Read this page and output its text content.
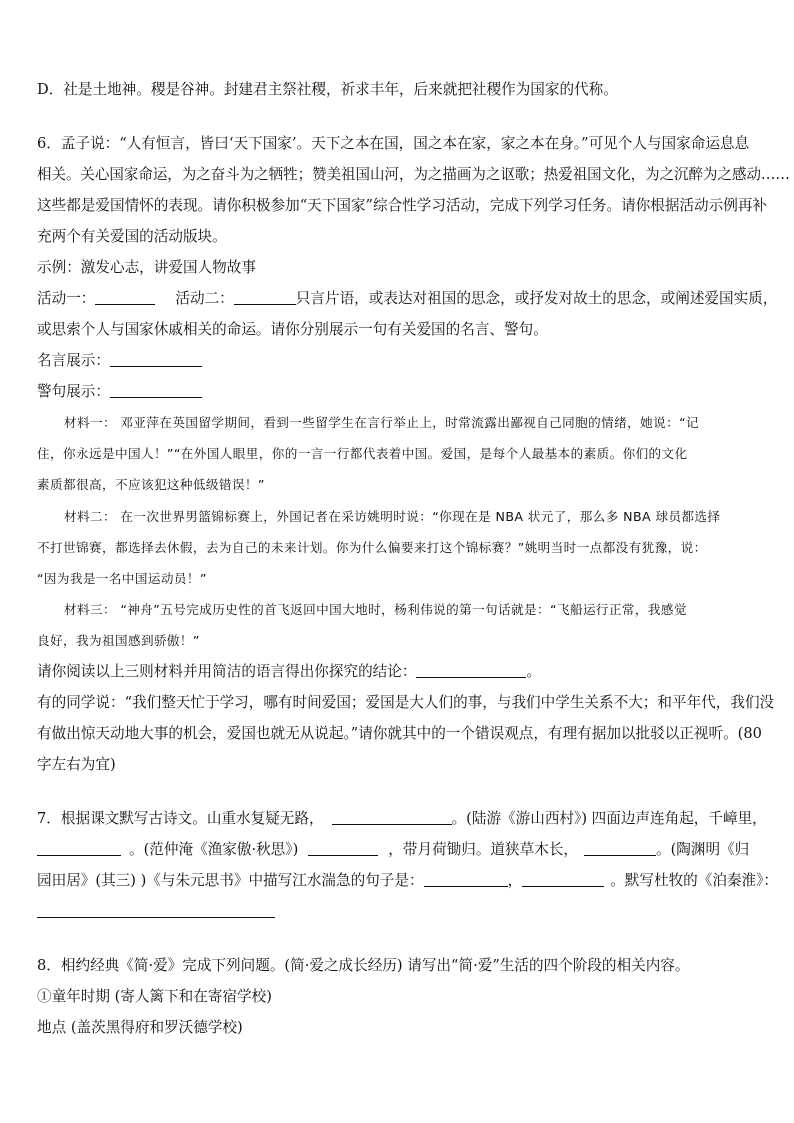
D．社是土地神。稷是谷神。封建君主祭社稷，祈求丰年，后来就把社稷作为国家的代称。
6．孟子说：“人有恒言，皆曰‘天下国家’。天下之本在国，国之本在家，家之本在身。”可见个人与国家命运息息
相关。关心国家命运，为之奋斗为之牺牲；赞美祖国山河，为之描画为之讴歌；热爱祖国文化，为之沉醉为之感动……
这些都是爱国情怀的表现。请你积极参加“天下国家”综合性学习活动，完成下列学习任务。请你根据活动示例再补
充两个有关爱国的活动版块。
示例：激发心志，讲爱国人物故事
活动一：	活动二：	只言片语，或表达对祖国的思念，或抒发对故土的思念，或阐述爱国实质，
或思索个人与国家休戚相关的命运。请你分别展示一句有关爱国的名言、警句。
名言展示：
警句展示：
材料一： 邓亚萍在英国留学期间，看到一些留学生在言行举止上，时常流露出鄙视自己同胞的情绪，她说：“记
住，你永远是中国人！”“在外国人眼里，你的一言一行都代表着中国。爱国，是每个人最基本的素质。你们的文化
素质都很高，不应该犯这种低级错误！”
材料二： 在一次世界男篮锦标赛上，外国记者在采访姚明时说：“你现在是 NBA 状元了，那么多 NBA 球员都选择
不打世锦赛，都选择去休假，去为自己的未来计划。你为什么偏要来打这个锦标赛？”姚明当时一点都没有犹豫，说：
“因为我是一名中国运动员！”
材料三： “神舟”五号完成历史性的首飞返回中国大地时，杨利伟说的第一句话就是：“飞船运行正常，我感觉
良好，我为祖国感到骄傲！”
请你阅读以上三则材料并用简洁的语言得出你探究的结论：	。
有的同学说：“我们整天忙于学习，哪有时间爱国；爱国是大人们的事，与我们中学生关系不大；和平年代，我们没
有做出惊天动地大事的机会，爱国也就无从说起。”请你就其中的一个错误观点，有理有据加以批驳以正视听。(80
字左右为宜)
7．根据课文默写古诗文。山重水复疑无路，	。(陆游《游山西村》) 四面边声连角起，千嶂里，
。(范仲淹《渔家傲·秋思》)	，带月荷锄归。道狭草木长，	。(陶渊明《归
园田居》(其三) )《与朱元思书》中描写江水湍急的句子是：	，	。默写杜牧的《泊秦淮》：
8．相约经典《简·爱》完成下列问题。(简·爱之成长经历) 请写出“简·爱”生活的四个阶段的相关内容。
①童年时期 (寄人篱下和在寄宿学校)
地点 (盖茨黑得府和罗沃德学校)
